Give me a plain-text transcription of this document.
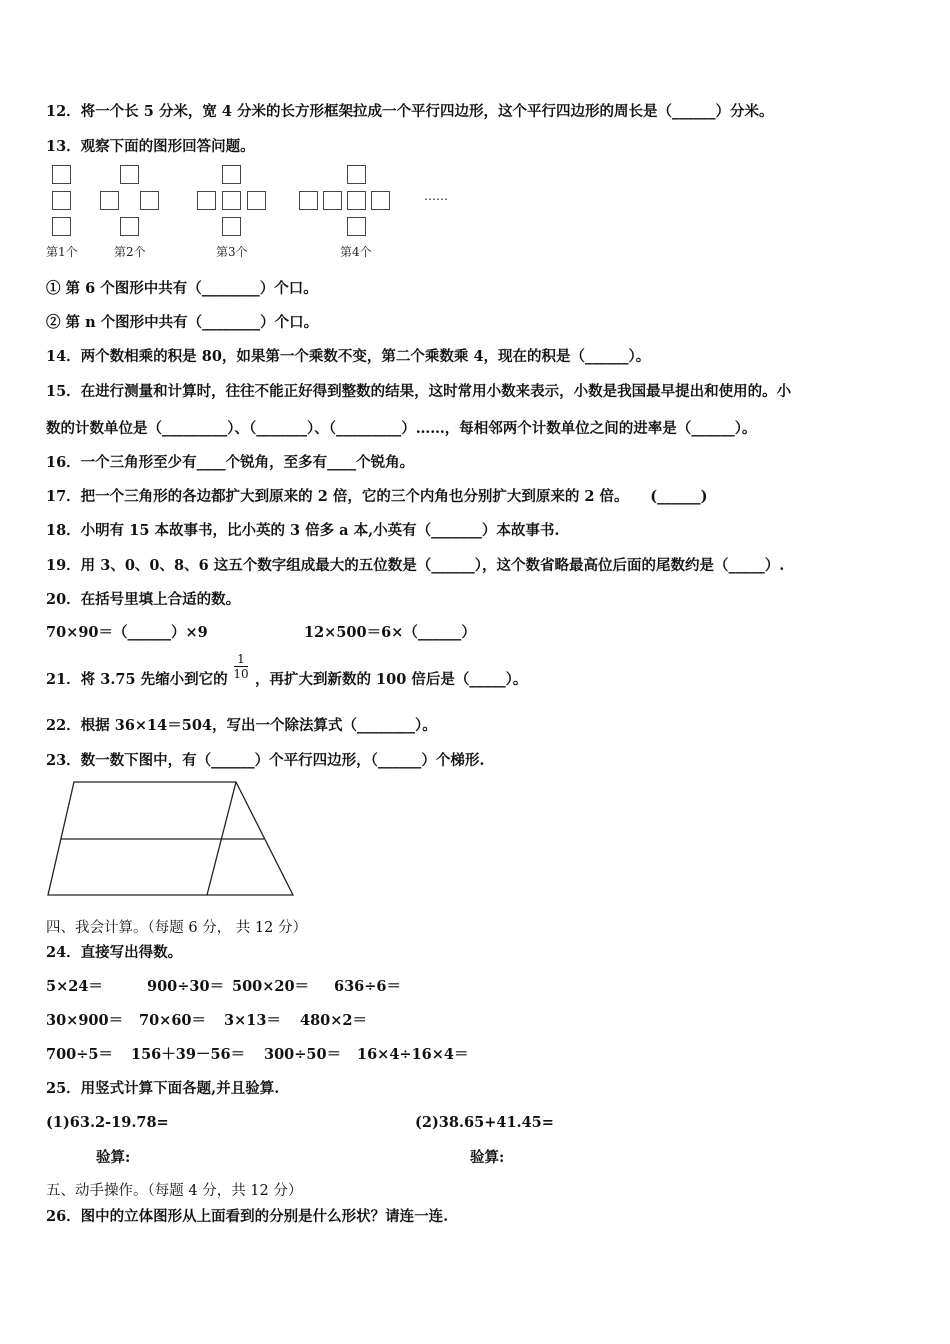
12．将一个长 5 分米，宽 4 分米的长方形框架拉成一个平行四边形，这个平行四边形的周长是（______）分米。
13．观察下面的图形回答问题。
第1个	第2个	第3个	第4个
……
① 第 6 个图形中共有（________）个口。
② 第 n 个图形中共有（________）个口。
14．两个数相乘的积是 80，如果第一个乘数不变，第二个乘数乘 4，现在的积是（______）。
15．在进行测量和计算时，往往不能正好得到整数的结果，这时常用小数来表示，小数是我国最早提出和使用的。小
数的计数单位是（_________）、（_______）、（_________）……，每相邻两个计数单位之间的进率是（______）。
16．一个三角形至少有____个锐角，至多有____个锐角。
17．把一个三角形的各边都扩大到原来的 2 倍，它的三个内角也分别扩大到原来的 2 倍。　　(______)
18．小明有 15 本故事书，比小英的 3 倍多 a 本,小英有（_______）本故事书.
19．用 3、0、0、8、6 这五个数字组成最大的五位数是（______），这个数省略最高位后面的尾数约是（_____）.
20．在括号里填上合适的数。
70×90＝（______）×9	12×500＝6×（______）
21．将 3.75 先缩小到它的
1
10 ，再扩大到新数的 100 倍后是（_____）。
22．根据 36×14＝504，写出一个除法算式（________）。
23．数一数下图中，有（______）个平行四边形，（______）个梯形.
四、我会计算。（每题 6 分， 共 12 分）
24．直接写出得数。
5×24＝	900÷30＝ 500×20＝ 636÷6＝
30×900＝ 70×60＝ 3×13＝ 480×2＝
700÷5＝ 156＋39－56＝ 300÷50＝ 16×4÷16×4＝
25．用竖式计算下面各题,并且验算.
(1)63.2-19.78=	(2)38.65+41.45=
验算:	验算:
五、动手操作。（每题 4 分，共 12 分）
26．图中的立体图形从上面看到的分别是什么形状？请连一连.
